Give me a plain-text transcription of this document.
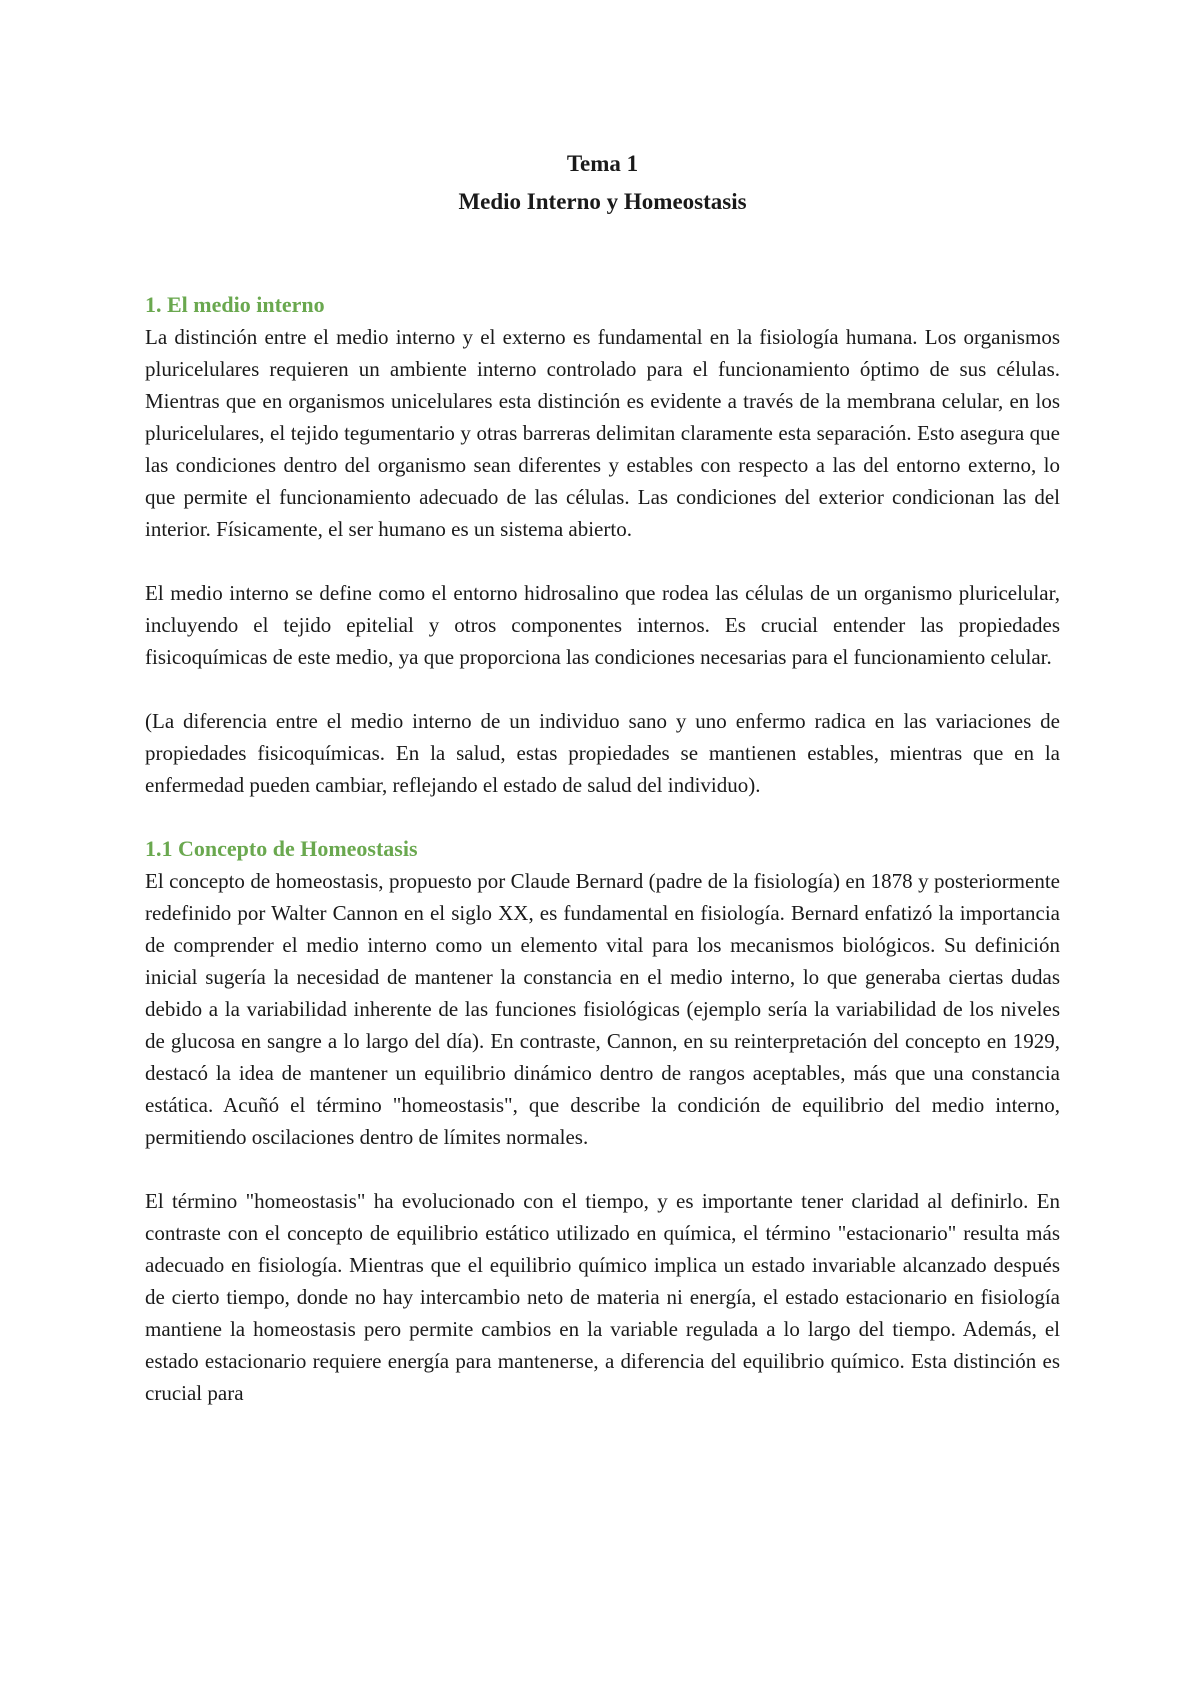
Tema 1
Medio Interno y Homeostasis
1. El medio interno

La distinción entre el medio interno y el externo es fundamental en la fisiología humana. Los organismos pluricelulares requieren un ambiente interno controlado para el funcionamiento óptimo de sus células. Mientras que en organismos unicelulares esta distinción es evidente a través de la membrana celular, en los pluricelulares, el tejido tegumentario y otras barreras delimitan claramente esta separación. Esto asegura que las condiciones dentro del organismo sean diferentes y estables con respecto a las del entorno externo, lo que permite el funcionamiento adecuado de las células. Las condiciones del exterior condicionan las del interior. Físicamente, el ser humano es un sistema abierto.

El medio interno se define como el entorno hidrosalino que rodea las células de un organismo pluricelular, incluyendo el tejido epitelial y otros componentes internos. Es crucial entender las propiedades fisicoquímicas de este medio, ya que proporciona las condiciones necesarias para el funcionamiento celular.

(La diferencia entre el medio interno de un individuo sano y uno enfermo radica en las variaciones de propiedades fisicoquímicas. En la salud, estas propiedades se mantienen estables, mientras que en la enfermedad pueden cambiar, reflejando el estado de salud del individuo).

1.1 Concepto de Homeostasis

El concepto de homeostasis, propuesto por Claude Bernard (padre de la fisiología) en 1878 y posteriormente redefinido por Walter Cannon en el siglo XX, es fundamental en fisiología. Bernard enfatizó la importancia de comprender el medio interno como un elemento vital para los mecanismos biológicos. Su definición inicial sugería la necesidad de mantener la constancia en el medio interno, lo que generaba ciertas dudas debido a la variabilidad inherente de las funciones fisiológicas (ejemplo sería la variabilidad de los niveles de glucosa en sangre a lo largo del día). En contraste, Cannon, en su reinterpretación del concepto en 1929, destacó la idea de mantener un equilibrio dinámico dentro de rangos aceptables, más que una constancia estática. Acuñó el término "homeostasis", que describe la condición de equilibrio del medio interno, permitiendo oscilaciones dentro de límites normales.

El término "homeostasis" ha evolucionado con el tiempo, y es importante tener claridad al definirlo. En contraste con el concepto de equilibrio estático utilizado en química, el término "estacionario" resulta más adecuado en fisiología. Mientras que el equilibrio químico implica un estado invariable alcanzado después de cierto tiempo, donde no hay intercambio neto de materia ni energía, el estado estacionario en fisiología mantiene la homeostasis pero permite cambios en la variable regulada a lo largo del tiempo. Además, el estado estacionario requiere energía para mantenerse, a diferencia del equilibrio químico. Esta distinción es crucial para
